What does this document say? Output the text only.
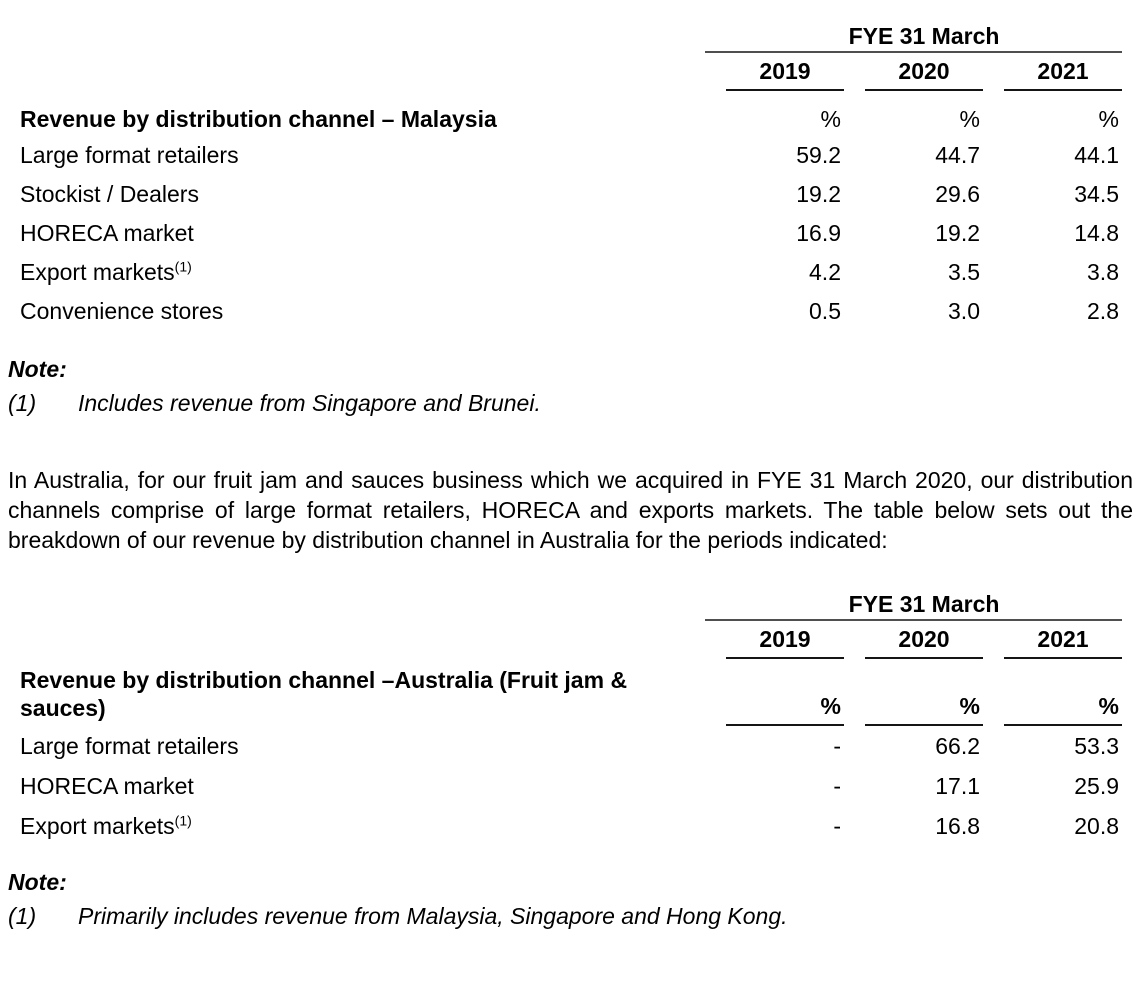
FYE 31 March
2019	2020	2021
Revenue by distribution channel – Malaysia	%	%	%
Large format retailers	59.2	44.7	44.1
Stockist / Dealers	19.2	29.6	34.5
HORECA market	16.9	19.2	14.8
Export markets$^{(1)}$	4.2	3.5	3.8
Convenience stores	0.5	3.0	2.8
Note:
(1)	Includes revenue from Singapore and Brunei.

In Australia, for our fruit jam and sauces business which we acquired in FYE 31 March 2020, our distribution channels comprise of large format retailers, HORECA and exports markets. The table below sets out the breakdown of our revenue by distribution channel in Australia for the periods indicated:

FYE 31 March
2019	2020	2021
Revenue by distribution channel –Australia (Fruit jam & sauces)	%	%	%
Large format retailers	-	66.2	53.3
HORECA market	-	17.1	25.9
Export markets$^{(1)}$	-	16.8	20.8
Note:
(1)	Primarily includes revenue from Malaysia, Singapore and Hong Kong.
